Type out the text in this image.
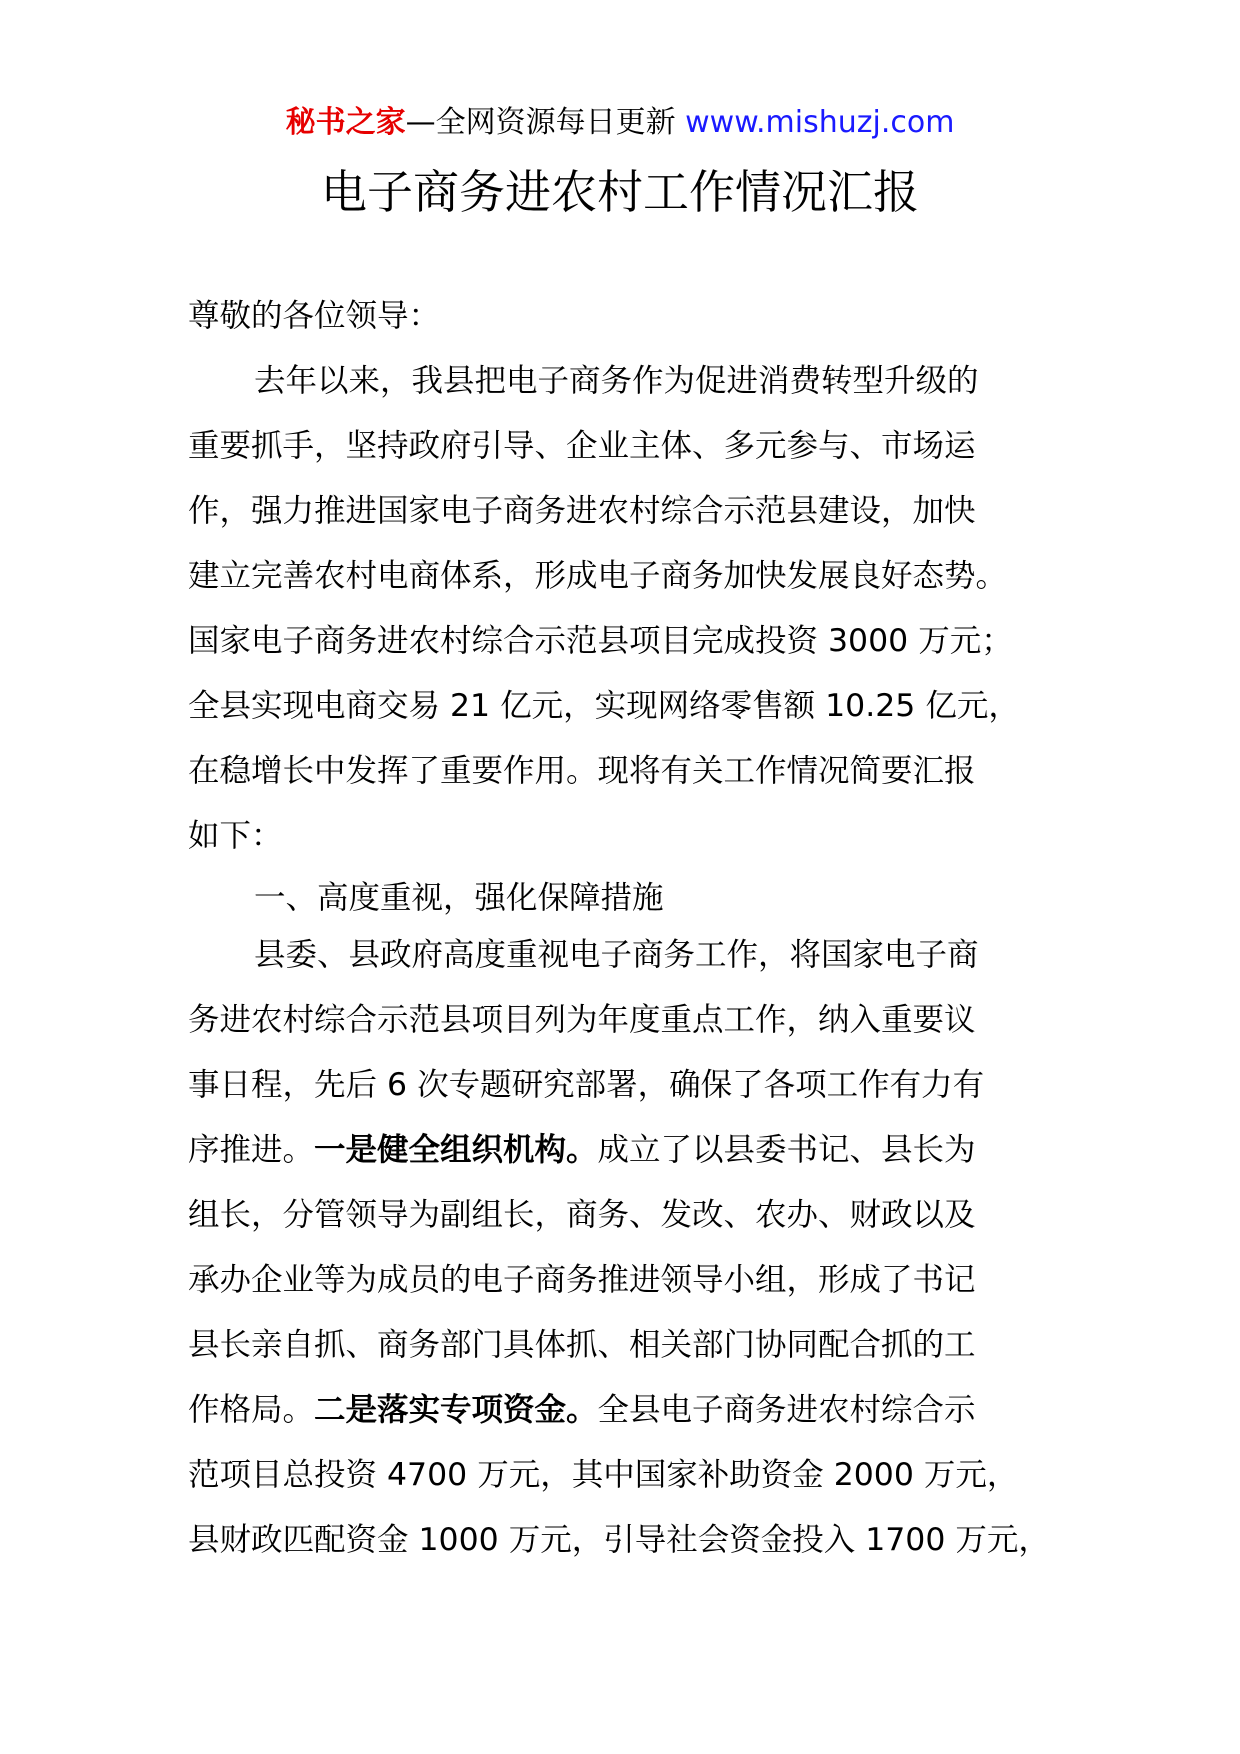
秘书之家—全网资源每日更新 www.mishuzj.com
电子商务进农村工作情况汇报
尊敬的各位领导：
去年以来，我县把电子商务作为促进消费转型升级的
重要抓手，坚持政府引导、企业主体、多元参与、市场运
作，强力推进国家电子商务进农村综合示范县建设，加快
建立完善农村电商体系，形成电子商务加快发展良好态势。
国家电子商务进农村综合示范县项目完成投资 3000 万元；
全县实现电商交易 21 亿元，实现网络零售额 10.25 亿元，
在稳增长中发挥了重要作用。现将有关工作情况简要汇报
如下：
一、高度重视，强化保障措施
县委、县政府高度重视电子商务工作，将国家电子商
务进农村综合示范县项目列为年度重点工作，纳入重要议
事日程，先后 6 次专题研究部署，确保了各项工作有力有
序推进。一是健全组织机构。成立了以县委书记、县长为
组长，分管领导为副组长，商务、发改、农办、财政以及
承办企业等为成员的电子商务推进领导小组，形成了书记
县长亲自抓、商务部门具体抓、相关部门协同配合抓的工
作格局。二是落实专项资金。全县电子商务进农村综合示
范项目总投资 4700 万元，其中国家补助资金 2000 万元，
县财政匹配资金 1000 万元，引导社会资金投入 1700 万元，
